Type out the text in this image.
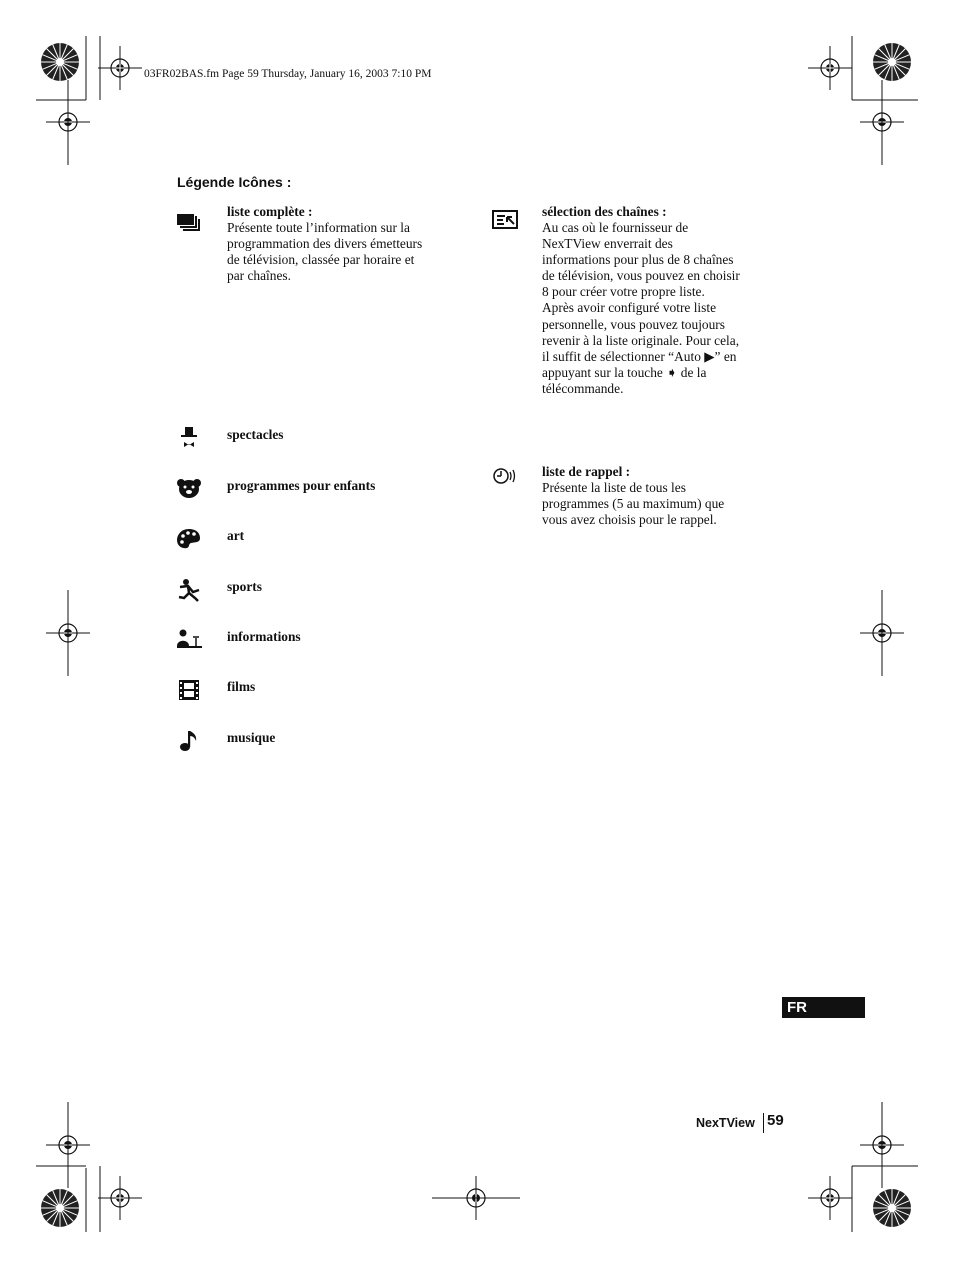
03FR02BAS.fm Page 59 Thursday, January 16, 2003 7:10 PM
Légende Icônes :
liste complète :
Présente toute l’information sur la
programmation des divers émetteurs
de télévision, classée par horaire et
par chaînes.
spectacles
programmes pour enfants
art
sports
informations
films
musique
sélection des chaînes :
Au cas où le fournisseur de
NexTView enverrait des
informations pour plus de 8 chaînes
de télévision, vous pouvez en choisir
8 pour créer votre propre liste.
Après avoir configuré votre liste
personnelle, vous pouvez toujours
revenir à la liste originale. Pour cela,
il suffit de sélectionner “Auto ▶” en
appuyant sur la touche ➧ de la
télécommande.
liste de rappel :
Présente la liste de tous les
programmes (5 au maximum) que
vous avez choisis pour le rappel.
FR
NexTView 59
